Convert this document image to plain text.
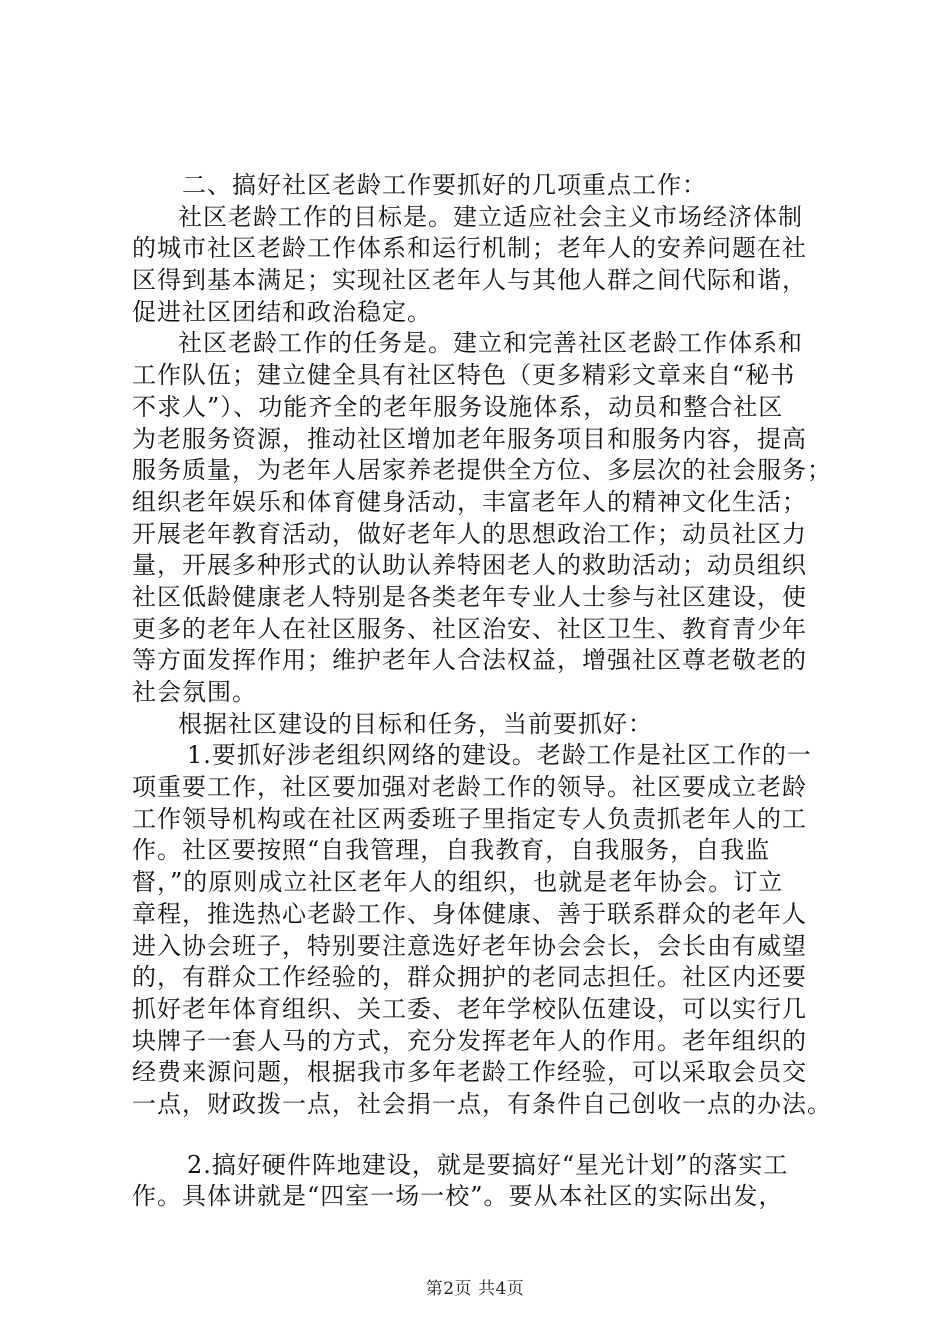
二、搞好社区老龄工作要抓好的几项重点工作：
社区老龄工作的目标是。建立适应社会主义市场经济体制
的城市社区老龄工作体系和运行机制；老年人的安养问题在社
区得到基本满足；实现社区老年人与其他人群之间代际和谐，
促进社区团结和政治稳定。
社区老龄工作的任务是。建立和完善社区老龄工作体系和
工作队伍；建立健全具有社区特色（更多精彩文章来自“秘书
不求人”）、功能齐全的老年服务设施体系，动员和整合社区
为老服务资源，推动社区增加老年服务项目和服务内容，提高
服务质量，为老年人居家养老提供全方位、多层次的社会服务；
组织老年娱乐和体育健身活动，丰富老年人的精神文化生活；
开展老年教育活动，做好老年人的思想政治工作；动员社区力
量，开展多种形式的认助认养特困老人的救助活动；动员组织
社区低龄健康老人特别是各类老年专业人士参与社区建设，使
更多的老年人在社区服务、社区治安、社区卫生、教育青少年
等方面发挥作用；维护老年人合法权益，增强社区尊老敬老的
社会氛围。
根据社区建设的目标和任务，当前要抓好：
1.要抓好涉老组织网络的建设。老龄工作是社区工作的一
项重要工作，社区要加强对老龄工作的领导。社区要成立老龄
工作领导机构或在社区两委班子里指定专人负责抓老年人的工
作。社区要按照“自我管理，自我教育，自我服务，自我监
督，”的原则成立社区老年人的组织，也就是老年协会。订立
章程，推选热心老龄工作、身体健康、善于联系群众的老年人
进入协会班子，特别要注意选好老年协会会长，会长由有威望
的，有群众工作经验的，群众拥护的老同志担任。社区内还要
抓好老年体育组织、关工委、老年学校队伍建设，可以实行几
块牌子一套人马的方式，充分发挥老年人的作用。老年组织的
经费来源问题，根据我市多年老龄工作经验，可以采取会员交
一点，财政拨一点，社会捐一点，有条件自己创收一点的办法。
2.搞好硬件阵地建设，就是要搞好“星光计划”的落实工
作。具体讲就是“四室一场一校”。要从本社区的实际出发，
第2页 共4页
